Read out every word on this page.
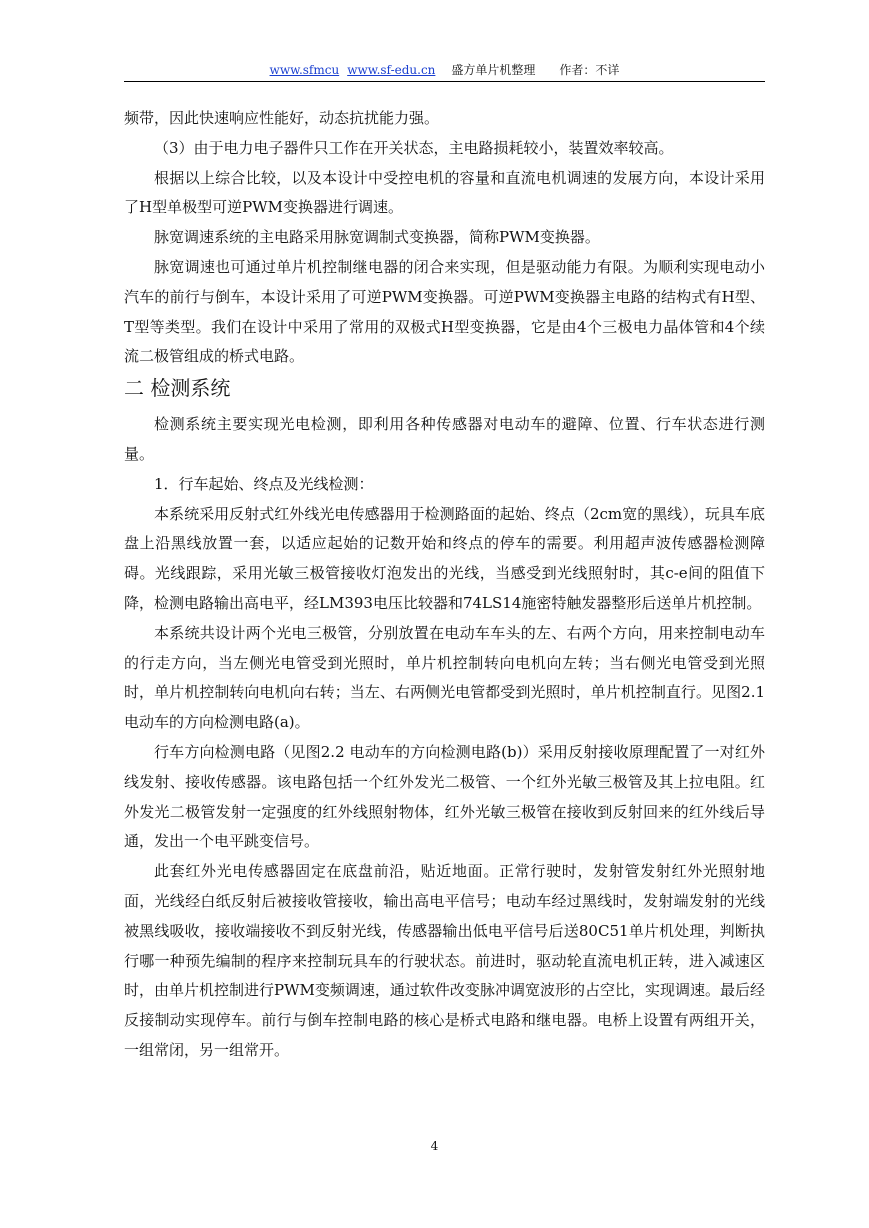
www.sfmcu www.sf-edu.cn 盛方单片机整理 作者：不详

频带，因此快速响应性能好，动态抗扰能力强。

（3）由于电力电子器件只工作在开关状态，主电路损耗较小，装置效率较高。

根据以上综合比较，以及本设计中受控电机的容量和直流电机调速的发展方向，本设计采用了H型单极型可逆PWM变换器进行调速。

脉宽调速系统的主电路采用脉宽调制式变换器，简称PWM变换器。

脉宽调速也可通过单片机控制继电器的闭合来实现，但是驱动能力有限。为顺利实现电动小汽车的前行与倒车，本设计采用了可逆PWM变换器。可逆PWM变换器主电路的结构式有H型、T型等类型。我们在设计中采用了常用的双极式H型变换器，它是由4个三极电力晶体管和4个续流二极管组成的桥式电路。

二 检测系统

检测系统主要实现光电检测，即利用各种传感器对电动车的避障、位置、行车状态进行测量。

1．行车起始、终点及光线检测：

本系统采用反射式红外线光电传感器用于检测路面的起始、终点（2cm宽的黑线），玩具车底盘上沿黑线放置一套，以适应起始的记数开始和终点的停车的需要。利用超声波传感器检测障碍。光线跟踪，采用光敏三极管接收灯泡发出的光线，当感受到光线照射时，其c-e间的阻值下降，检测电路输出高电平，经LM393电压比较器和74LS14施密特触发器整形后送单片机控制。

本系统共设计两个光电三极管，分别放置在电动车车头的左、右两个方向，用来控制电动车的行走方向，当左侧光电管受到光照时，单片机控制转向电机向左转；当右侧光电管受到光照时，单片机控制转向电机向右转；当左、右两侧光电管都受到光照时，单片机控制直行。见图2.1 电动车的方向检测电路(a)。

行车方向检测电路（见图2.2 电动车的方向检测电路(b)）采用反射接收原理配置了一对红外线发射、接收传感器。该电路包括一个红外发光二极管、一个红外光敏三极管及其上拉电阻。红外发光二极管发射一定强度的红外线照射物体，红外光敏三极管在接收到反射回来的红外线后导通，发出一个电平跳变信号。

此套红外光电传感器固定在底盘前沿，贴近地面。正常行驶时，发射管发射红外光照射地面，光线经白纸反射后被接收管接收，输出高电平信号；电动车经过黑线时，发射端发射的光线被黑线吸收，接收端接收不到反射光线，传感器输出低电平信号后送80C51单片机处理，判断执行哪一种预先编制的程序来控制玩具车的行驶状态。前进时，驱动轮直流电机正转，进入减速区时，由单片机控制进行PWM变频调速，通过软件改变脉冲调宽波形的占空比，实现调速。最后经反接制动实现停车。前行与倒车控制电路的核心是桥式电路和继电器。电桥上设置有两组开关，一组常闭，另一组常开。

4
